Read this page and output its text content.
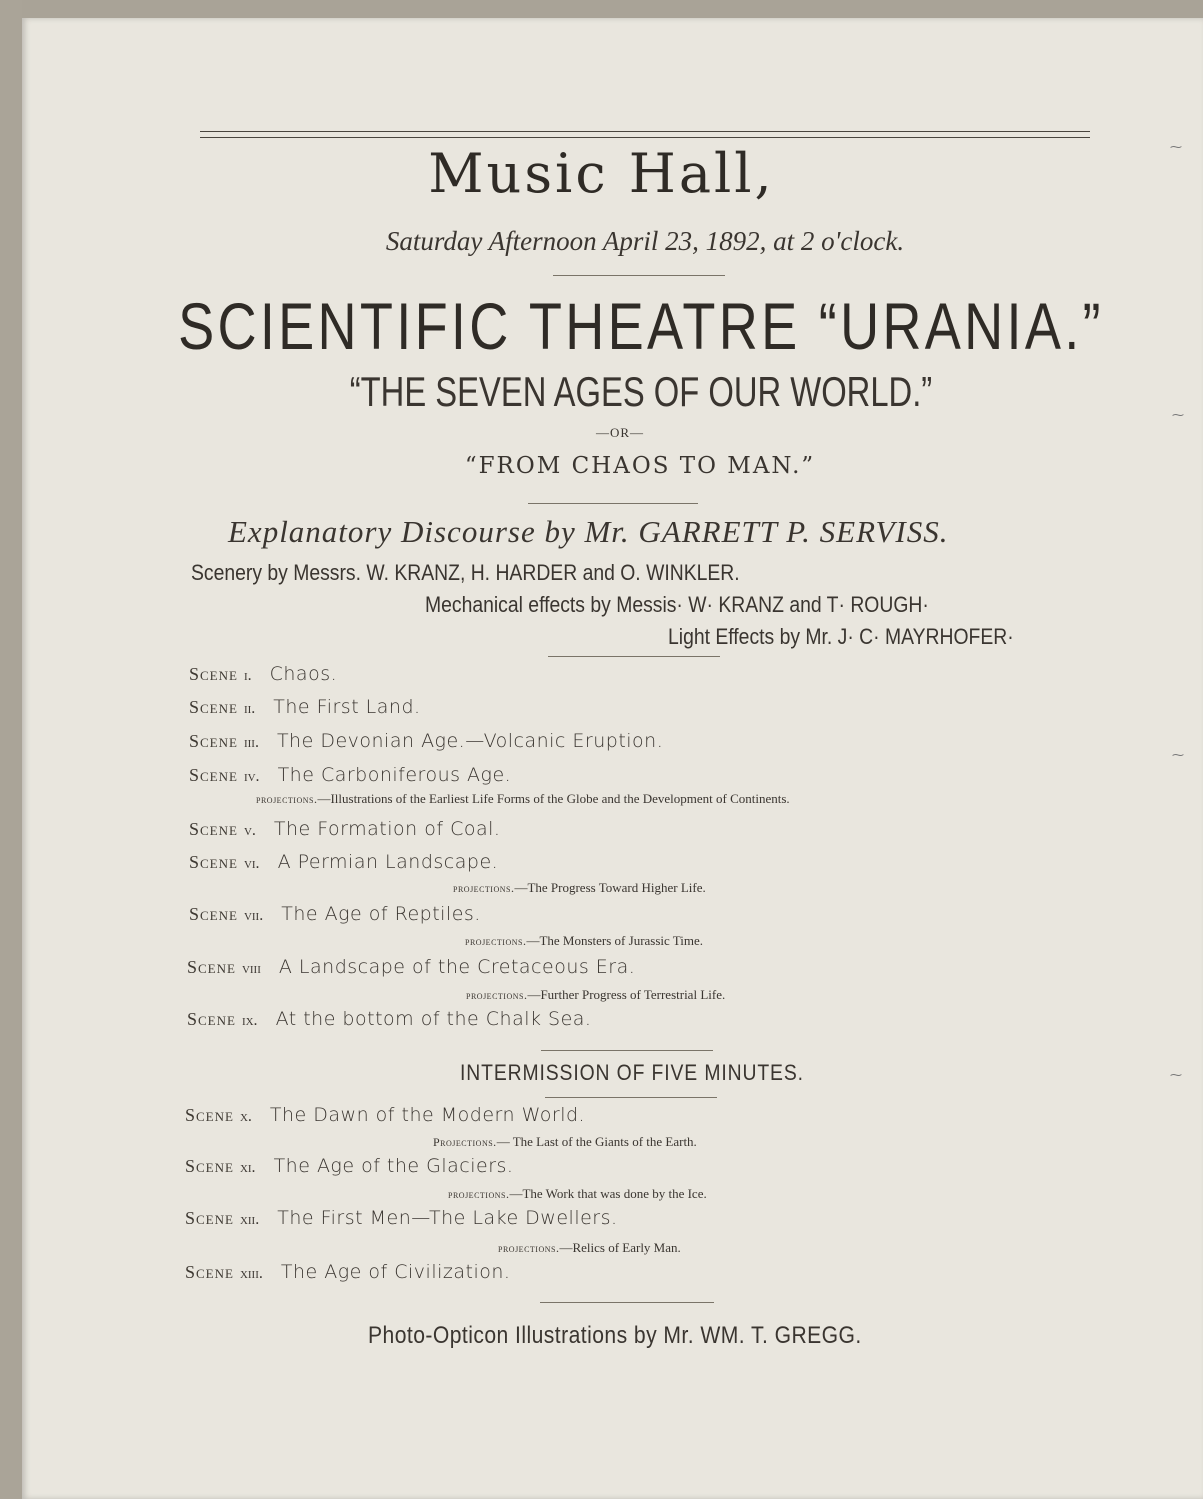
Music Hall,
Saturday Afternoon April 23, 1892, at 2 o'clock.
SCIENTIFIC THEATRE “URANIA.”
“THE SEVEN AGES OF OUR WORLD.”
—OR—
“FROM CHAOS TO MAN.”
Explanatory Discourse by Mr. GARRETT P. SERVISS.
Scenery by Messrs. W. KRANZ, H. HARDER and O. WINKLER.
Mechanical effects by Messis· W· KRANZ and T· ROUGH·
Light Effects by Mr. J· C· MAYRHOFER·
Scene i. Chaos.
Scene ii. The First Land.
Scene iii. The Devonian Age.—Volcanic Eruption.
Scene iv. The Carboniferous Age.
projections.—Illustrations of the Earliest Life Forms of the Globe and the Development of Continents.
Scene v. The Formation of Coal.
Scene vi. A Permian Landscape.
projections.—The Progress Toward Higher Life.
Scene vii. The Age of Reptiles.
projections.—The Monsters of Jurassic Time.
Scene viii A Landscape of the Cretaceous Era.
projections.—Further Progress of Terrestrial Life.
Scene ix. At the bottom of the Chalk Sea.
INTERMISSION OF FIVE MINUTES.
Scene x. The Dawn of the Modern World.
Projections.— The Last of the Giants of the Earth.
Scene xi. The Age of the Glaciers.
projections.—The Work that was done by the Ice.
Scene xii. The First Men—The Lake Dwellers.
projections.—Relics of Early Man.
Scene xiii. The Age of Civilization.
Photo-Opticon Illustrations by Mr. WM. T. GREGG.
⁓
⁓
⁓
⁓
